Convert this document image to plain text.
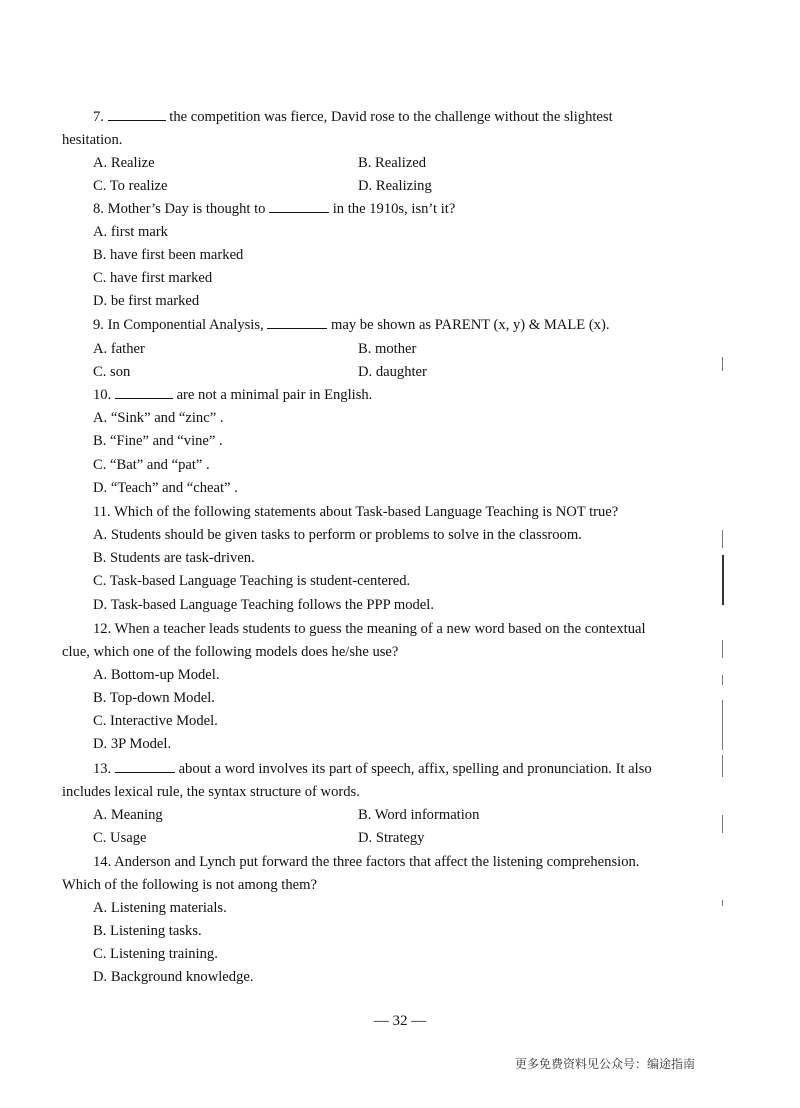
7.	the competition was fierce, David rose to the challenge without the slightest
hesitation.
A. Realize	B. Realized
C. To realize	D. Realizing
8. Mother’s Day is thought to	in the 1910s, isn’t it?
A. first mark
B. have first been marked
C. have first marked
D. be first marked
9. In Componential Analysis,	may be shown as PARENT (x, y) & MALE (x).
A. father	B. mother
C. son	D. daughter
10.	are not a minimal pair in English.
A. “Sink” and “zinc” .
B. “Fine” and “vine” .
C. “Bat” and “pat” .
D. “Teach” and “cheat” .
11. Which of the following statements about Task-based Language Teaching is NOT true?
A. Students should be given tasks to perform or problems to solve in the classroom.
B. Students are task-driven.
C. Task-based Language Teaching is student-centered.
D. Task-based Language Teaching follows the PPP model.
12. When a teacher leads students to guess the meaning of a new word based on the contextual
clue, which one of the following models does he/she use?
A. Bottom-up Model.
B. Top-down Model.
C. Interactive Model.
D. 3P Model.
13.	about a word involves its part of speech, affix, spelling and pronunciation. It also
includes lexical rule, the syntax structure of words.
A. Meaning	B. Word information
C. Usage	D. Strategy
14. Anderson and Lynch put forward the three factors that affect the listening comprehension.
Which of the following is not among them?
A. Listening materials.
B. Listening tasks.
C. Listening training.
D. Background knowledge.
— 32 —
更多免费资料见公众号：编途指南
